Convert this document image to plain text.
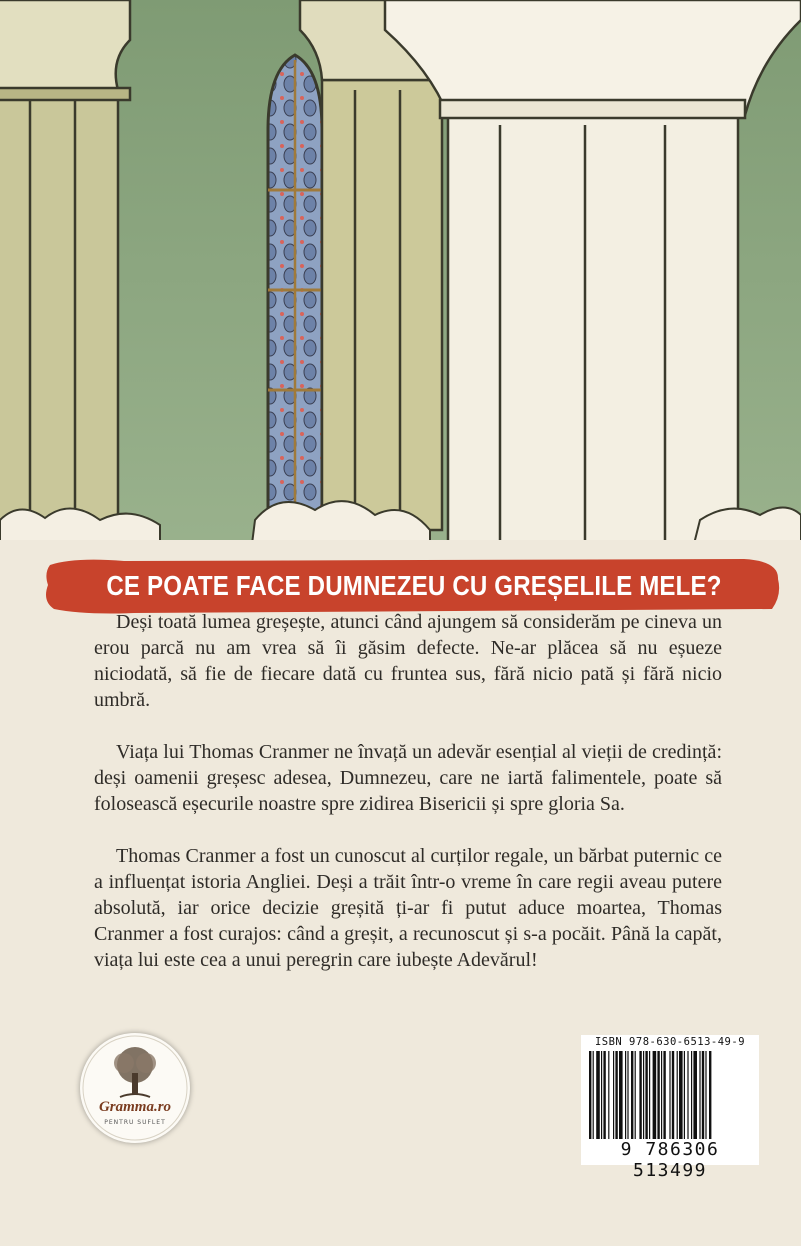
CE POATE FACE DUMNEZEU CU GREȘELILE MELE?

Deși toată lumea greșește, atunci când ajungem să considerăm pe cineva un erou parcă nu am vrea să îi găsim defecte. Ne-ar plăcea să nu eșueze niciodată, să fie de fiecare dată cu fruntea sus, fără nicio pată și fără nicio umbră.

Viața lui Thomas Cranmer ne învață un adevăr esențial al vieții de credință: deși oamenii greșesc adesea, Dumnezeu, care ne iartă falimentele, poate să folosească eșecurile noastre spre zidirea Bisericii și spre gloria Sa.

Thomas Cranmer a fost un cunoscut al curților regale, un bărbat puternic ce a influențat istoria Angliei. Deși a trăit într-o vreme în care regii aveau putere absolută, iar orice decizie greșită ți-ar fi putut aduce moartea, Thomas Cranmer a fost curajos: când a greșit, a recunoscut și s-a pocăit. Până la capăt, viața lui este cea a unui peregrin care iubește Adevărul!

Gramma.ro
PENTRU SUFLET
ISBN 978-630-6513-49-9
9 786306 513499
